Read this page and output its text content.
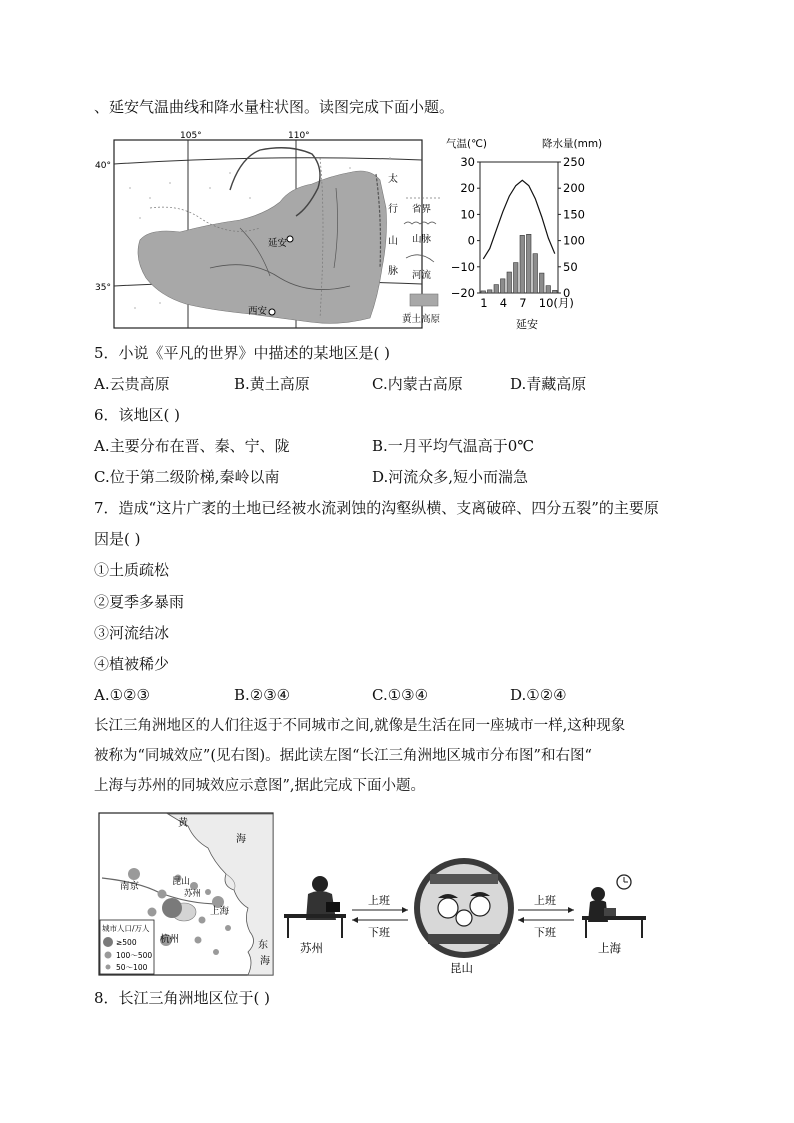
、延安气温曲线和降水量柱状图。读图完成下面小题。
105°	110°
40°
35°
太
行
山
脉
延安
西安
省界
山脉
河流
黄土高原
气温(℃)	降水量(mm)
30
20
10
0
−10
−20
250
200
150
100
50
0
1 4 7 10(月)
延安
5．小说《平凡的世界》中描述的某地区是( )
A.云贵高原	B.黄土高原	C.内蒙古高原	D.青藏高原
6．该地区( )
A.主要分布在晋、秦、宁、陇	B.一月平均气温高于0℃
C.位于第二级阶梯,秦岭以南	D.河流众多,短小而湍急
7．造成“这片广袤的土地已经被水流剥蚀的沟壑纵横、支离破碎、四分五裂”的主要原
因是( )
①土质疏松
②夏季多暴雨
③河流结冰
④植被稀少
A.①②③	B.②③④	C.①③④	D.①②④
长江三角洲地区的人们往返于不同城市之间,就像是生活在同一座城市一样,这种现象
被称为“同城效应”(见右图)。据此读左图“长江三角洲地区城市分布图”和右图“
上海与苏州的同城效应示意图”,据此完成下面小题。
黄
海
南京	昆山
苏州
上海
杭州
东
海
城市人口/万人
≥500
100～500
50～100
苏州
上班
下班
昆山
上班
下班
上海
8．长江三角洲地区位于( )
